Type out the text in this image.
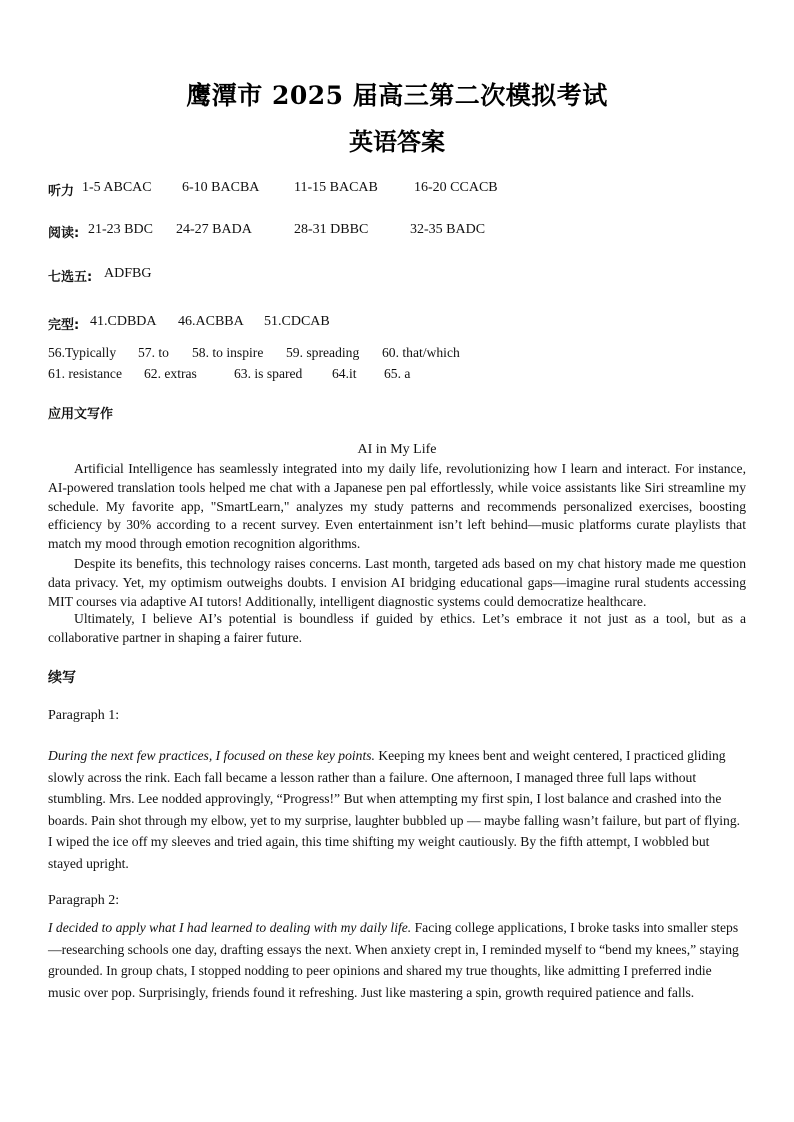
鹰潭市 2025 届高三第二次模拟考试
英语答案
听力 1-5 ABCAC 6-10 BACBA 11-15 BACAB	16-20 CCACB
阅读: 21-23 BDC 24-27 BADA	28-31 DBBC	32-35 BADC
七选五: ADFBG
完型: 41.CDBDA 46.ACBBA 51.CDCAB
56.Typically 57. to 58. to inspire 59. spreading 60. that/which
61. resistance 62. extras	63. is spared 64.it 65. a
应用文写作
AI in My Life

Artificial Intelligence has seamlessly integrated into my daily life, revolutionizing how I learn and interact. For instance, AI-powered translation tools helped me chat with a Japanese pen pal effortlessly, while voice assistants like Siri streamline my schedule. My favorite app, "SmartLearn," analyzes my study patterns and recommends personalized exercises, boosting efficiency by 30% according to a recent survey. Even entertainment isn’t left behind—music platforms curate playlists that match my mood through emotion recognition algorithms.

Despite its benefits, this technology raises concerns. Last month, targeted ads based on my chat history made me question data privacy. Yet, my optimism outweighs doubts. I envision AI bridging educational gaps—imagine rural students accessing MIT courses via adaptive AI tutors! Additionally, intelligent diagnostic systems could democratize healthcare.

Ultimately, I believe AI’s potential is boundless if guided by ethics. Let’s embrace it not just as a tool, but as a collaborative partner in shaping a fairer future.

续写
Paragraph 1:

During the next few practices, I focused on these key points. Keeping my knees bent and weight centered, I practiced gliding slowly across the rink. Each fall became a lesson rather than a failure. One afternoon, I managed three full laps without stumbling. Mrs. Lee nodded approvingly, “Progress!” But when attempting my first spin, I lost balance and crashed into the boards. Pain shot through my elbow, yet to my surprise, laughter bubbled up — maybe falling wasn’t failure, but part of flying. I wiped the ice off my sleeves and tried again, this time shifting my weight cautiously. By the fifth attempt, I wobbled but stayed upright.

Paragraph 2:

I decided to apply what I had learned to dealing with my daily life. Facing college applications, I broke tasks into smaller steps—researching schools one day, drafting essays the next. When anxiety crept in, I reminded myself to “bend my knees,” staying grounded. In group chats, I stopped nodding to peer opinions and shared my true thoughts, like admitting I preferred indie music over pop. Surprisingly, friends found it refreshing. Just like mastering a spin, growth required patience and falls.
